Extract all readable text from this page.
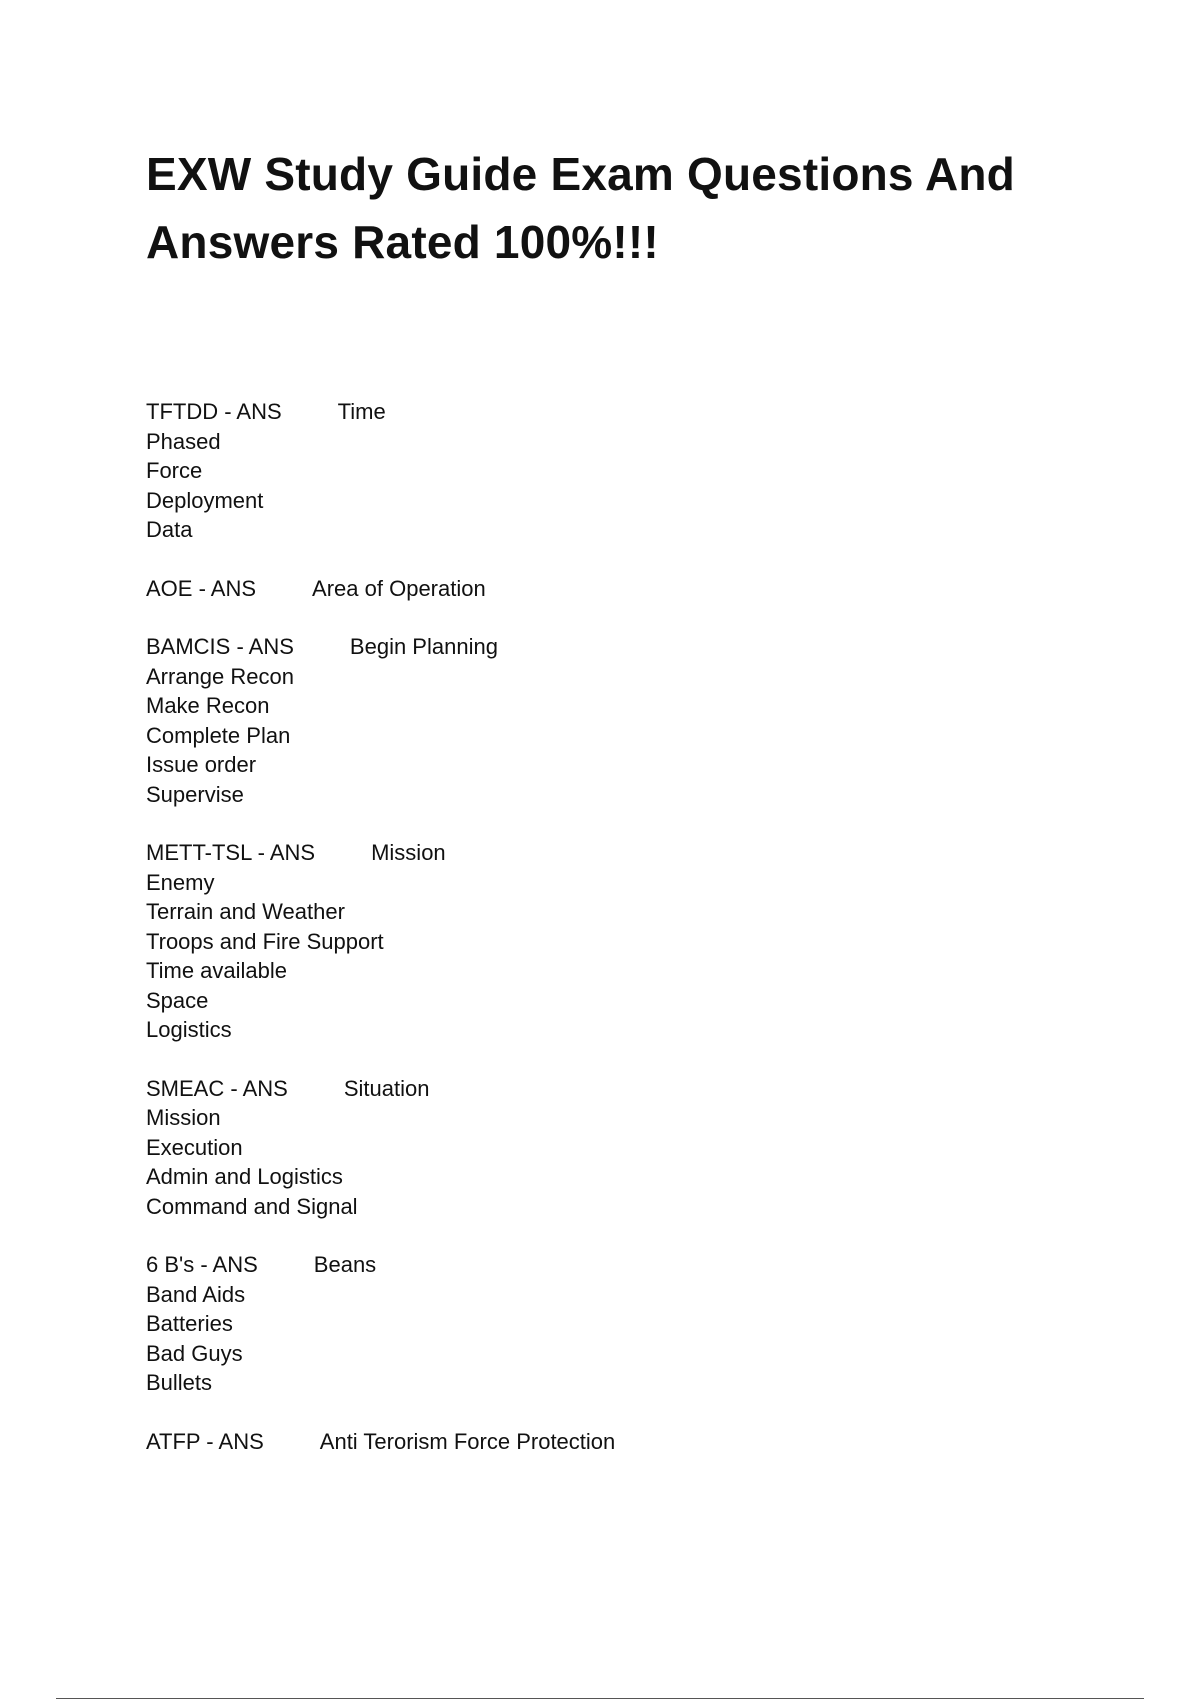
EXW Study Guide Exam Questions And Answers Rated 100%!!!
TFTDD - ANS	Time
Phased
Force
Deployment
Data
AOE - ANS	Area of Operation
BAMCIS - ANS	Begin Planning
Arrange Recon
Make Recon
Complete Plan
Issue order
Supervise
METT-TSL - ANS	Mission
Enemy
Terrain and Weather
Troops and Fire Support
Time available
Space
Logistics
SMEAC - ANS	Situation
Mission
Execution
Admin and Logistics
Command and Signal
6 B's - ANS	Beans
Band Aids
Batteries
Bad Guys
Bullets
ATFP - ANS	Anti Terorism Force Protection
